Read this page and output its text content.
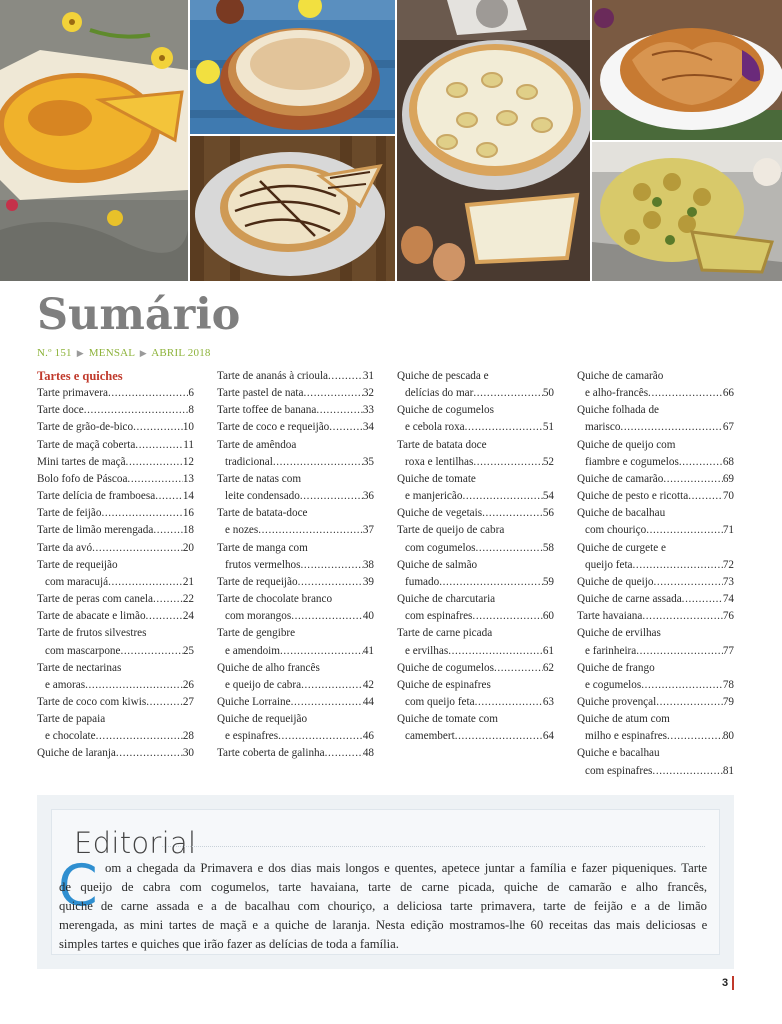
Sumário
N.º 151 ▶ MENSAL ▶ ABRIL 2018
Tartes e quiches
Tarte primavera .....	6
Tarte doce .....	8
Tarte de grão-de-bico .....	10
Tarte de maçã coberta .....	11
Mini tartes de maçã .....	12
Bolo fofo de Páscoa .....	13
Tarte delícia de framboesa ..... 14
Tarte de feijão .....	16
Tarte de limão merengada .....	18
Tarte da avó .....	20
Tarte de requeijão
com maracujá .....	21
Tarte de peras com canela .....	22
Tarte de abacate e limão .....	24
Tarte de frutos silvestres
com mascarpone .....	25
Tarte de nectarinas
e amoras .....	26
Tarte de coco com kiwis .....	27
Tarte de papaia
e chocolate .....	28
Quiche de laranja .....	30
Tarte de ananás à crioula .....	31
Tarte pastel de nata .....	32
Tarte toffee de banana .....	33
Tarte de coco e requeijão .....	34
Tarte de amêndoa
tradicional .....	35
Tarte de natas com
leite condensado .....	36
Tarte de batata-doce
e nozes .....	37
Tarte de manga com
frutos vermelhos .....	38
Tarte de requeijão .....	39
Tarte de chocolate branco
com morangos .....	40
Tarte de gengibre
e amendoim .....	41
Quiche de alho francês
e queijo de cabra .....	42
Quiche Lorraine .....	44
Quiche de requeijão
e espinafres .....	46
Tarte coberta de galinha .....	48
Quiche de pescada e
delícias do mar .....	50
Quiche de cogumelos
e cebola roxa .....	51
Tarte de batata doce
roxa e lentilhas .....	52
Quiche de tomate
e manjericão .....	54
Quiche de vegetais .....	56
Tarte de queijo de cabra
com cogumelos .....	58
Quiche de salmão
fumado .....	59
Quiche de charcutaria
com espinafres .....	60
Tarte de carne picada
e ervilhas .....	61
Quiche de cogumelos .....	62
Quiche de espinafres
com queijo feta .....	63
Quiche de tomate com
camembert .....	64
Quiche de camarão
e alho-francês .....	66
Quiche folhada de
marisco .....	67
Quiche de queijo com
fiambre e cogumelos .....	68
Quiche de camarão .....	69
Quiche de pesto e ricotta .....	70
Quiche de bacalhau
com chouriço .....	71
Quiche de curgete e
queijo feta .....	72
Quiche de queijo .....	73
Quiche de carne assada .....	74
Tarte havaiana .....	76
Quiche de ervilhas
e farinheira .....	77
Quiche de frango
e cogumelos .....	78
Quiche provençal .....	79
Quiche de atum com
milho e espinafres .....	80
Quiche e bacalhau
com espinafres .....	81
Editorial
C om a chegada da Primavera e dos dias mais longos e quentes, apetece juntar a família e fazer piqueniques. Tarte
de queijo de cabra com cogumelos, tarte havaiana, tarte de carne picada, quiche de camarão e alho francês,
quiche de carne assada e a de bacalhau com chouriço, a deliciosa tarte primavera, tarte de feijão e a de limão
merengada, as mini tartes de maçã e a quiche de laranja. Nesta edição mostramos-lhe 60 receitas das mais deliciosas e
simples tartes e quiches que irão fazer as delícias de toda a família.
3
